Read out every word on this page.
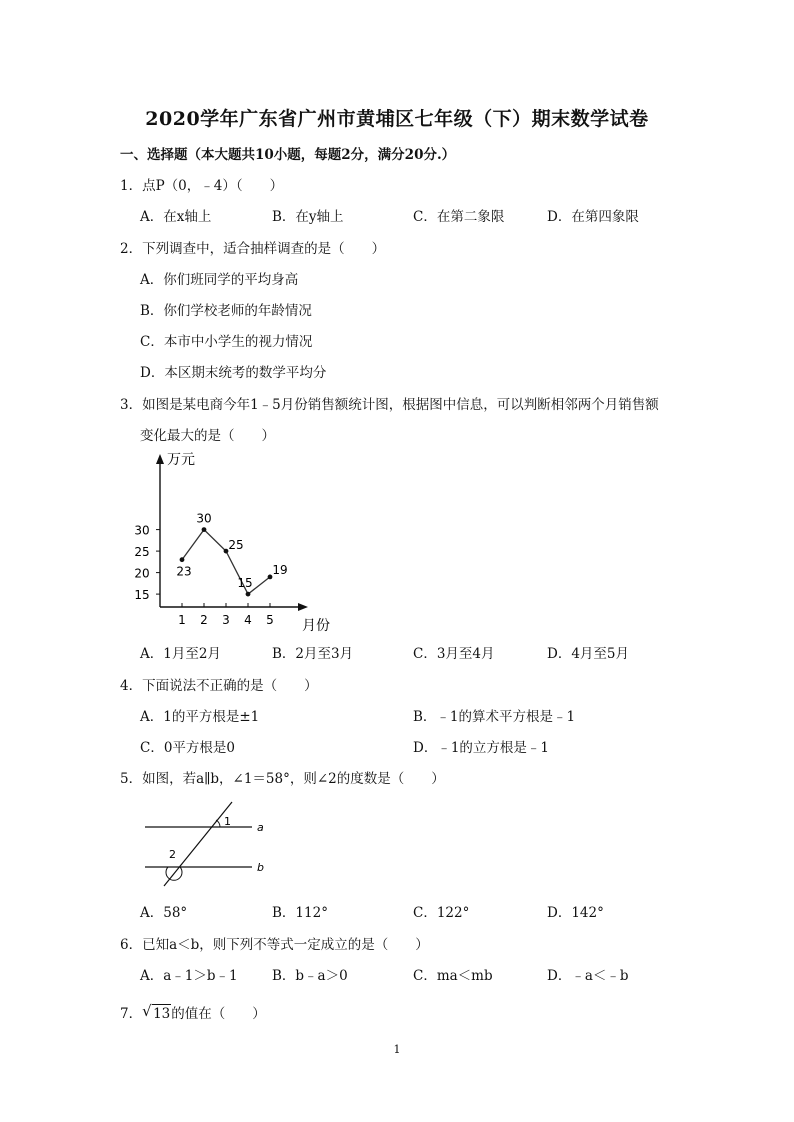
2020学年广东省广州市黄埔区七年级（下）期末数学试卷
一、选择题（本大题共10小题，每题2分，满分20分.）
1．点P（0，﹣4）（　　）
A．在x轴上	B．在y轴上	C．在第二象限	D．在第四象限
2．下列调查中，适合抽样调查的是（　　）
A．你们班同学的平均身高
B．你们学校老师的年龄情况
C．本市中小学生的视力情况
D．本区期末统考的数学平均分
3．如图是某电商今年1﹣5月份销售额统计图，根据图中信息，可以判断相邻两个月销售额
变化最大的是（　　）
万元
月份
15
20
25
30
1 2 3 4 5
23
30
25
15
19
A．1月至2月	B．2月至3月	C．3月至4月	D．4月至5月
4．下面说法不正确的是（　　）
A．1的平方根是±1	B．﹣1的算术平方根是﹣1
C．0平方根是0	D．﹣1的立方根是﹣1
5．如图，若a∥b，∠1＝58°，则∠2的度数是（　　）
1
2
a
b
A．58°	B．112°	C．122°	D．142°
6．已知a＜b，则下列不等式一定成立的是（　　）
A．a﹣1＞b﹣1	B．b﹣a＞0	C．ma＜mb	D．﹣a＜﹣b
7． √ 13的值在（　　）
1
